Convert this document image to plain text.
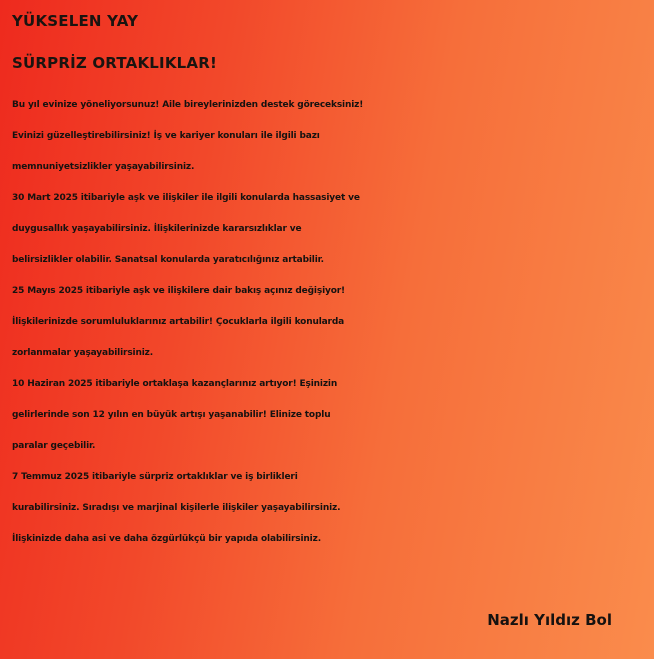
YÜKSELEN YAY
SÜRPRİZ ORTAKLIKLAR!
Bu yıl evinize yöneliyorsunuz! Aile bireylerinizden destek göreceksiniz!
Evinizi güzelleştirebilirsiniz! İş ve kariyer konuları ile ilgili bazı
memnuniyetsizlikler yaşayabilirsiniz.
30 Mart 2025 itibariyle aşk ve ilişkiler ile ilgili konularda hassasiyet ve
duygusallık yaşayabilirsiniz. İlişkilerinizde kararsızlıklar ve
belirsizlikler olabilir. Sanatsal konularda yaratıcılığınız artabilir.
25 Mayıs 2025 itibariyle aşk ve ilişkilere dair bakış açınız değişiyor!
İlişkilerinizde sorumluluklarınız artabilir! Çocuklarla ilgili konularda
zorlanmalar yaşayabilirsiniz.
10 Haziran 2025 itibariyle ortaklaşa kazançlarınız artıyor! Eşinizin
gelirlerinde son 12 yılın en büyük artışı yaşanabilir! Elinize toplu
paralar geçebilir.
7 Temmuz 2025 itibariyle sürpriz ortaklıklar ve iş birlikleri
kurabilirsiniz. Sıradışı ve marjinal kişilerle ilişkiler yaşayabilirsiniz.
İlişkinizde daha asi ve daha özgürlükçü bir yapıda olabilirsiniz.
Nazlı Yıldız Bol
